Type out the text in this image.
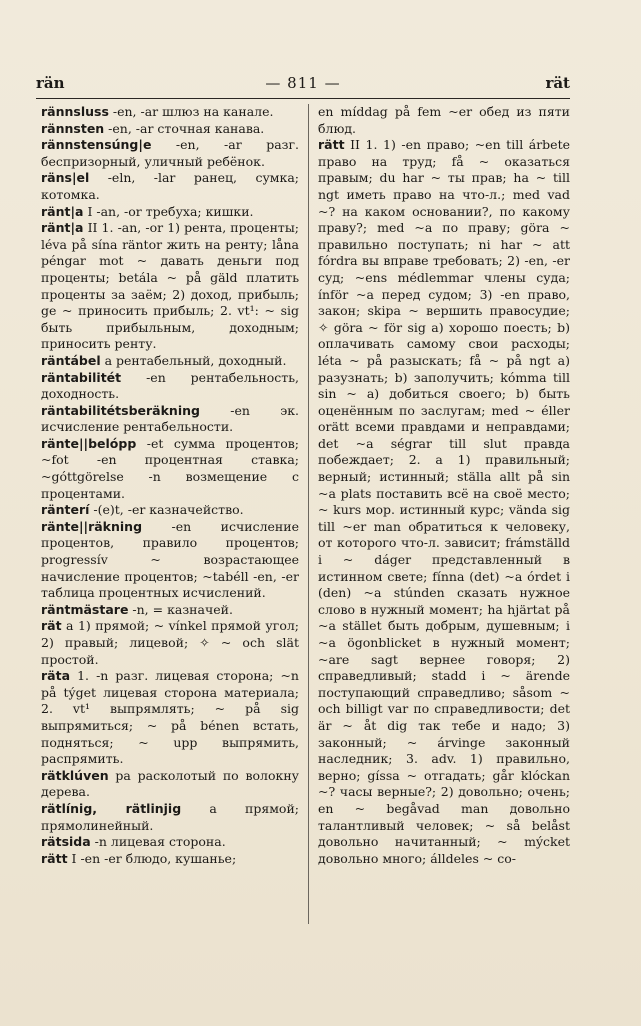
rän	— 811 —	rät

rännsluss -en, -ar шлюз на канале.

rännsten -en, -ar сточная канава.

rännstensúng|e -en, -ar разг. беспризорный, уличный ребёнок.

räns|el -eln, -lar ранец, сумка; котомка.

ränt|a I -an, -or требуха; кишки.

ränt|a II 1. -an, -or 1) рента, проценты; léva på sína räntor жить на ренту; låna péngar mot ~ давать деньги под проценты; betála ~ på gäld платить проценты за заём; 2) доход, прибыль; ge ~ приносить прибыль; 2. vt¹: ~ sig быть прибыльным, доходным; приносить ренту.

räntábel a рентабельный, доходный.

räntabilitét -en рентабельность, доходность.

räntabilitétsberäkning -en эк. исчисление рентабельности.

ränte||belópp -et сумма процентов; ~fot -en процентная ставка; ~góttgörelse -n возмещение с процентами.

ränterí -(e)t, -er казначейство.

ränte||räkning -en исчисление процентов, правило процентов; progressív ~ возрастающее начисление процентов; ~tabéll -en, -er таблица процентных исчислений.

räntmästare -n, = казначей.

rät a 1) прямой; ~ vínkel прямой угол; 2) правый; лицевой; ✧ ~ och slät простой.

räta 1. -n разг. лицевая сторона; ~n på týget лицевая сторона материала; 2. vt¹ выпрямлять; ~ på sig выпрямиться; ~ på bénen встать, подняться; ~ upp выпрямить, распрямить.

rätklúven pa расколотый по волокну дерева.

rätlínig, rätlinjig a прямой; прямолинейный.

rätsida -n лицевая сторона.

rätt I -en -er блюдо, кушанье;

en míddag på fem ~er обед из пяти блюд.

rätt II 1. 1) -en право; ~en till árbete право на труд; få ~ оказаться правым; du har ~ ты прав; ha ~ till ngt иметь право на что-л.; med vad ~? на каком основании?, по какому праву?; med ~a по праву; göra ~ правильно поступать; ni har ~ att fórdra вы вправе требовать; 2) -en, -er суд; ~ens médlemmar члены суда; ínför ~a перед судом; 3) -en право, закон; skipa ~ вершить правосудие; ✧ göra ~ för sig a) хорошо поесть; b) оплачивать самому свои расходы; léta ~ på разыскать; få ~ på ngt a) разузнать; b) заполучить; kómma till sin ~ a) добиться своего; b) быть оценённым по заслугам; med ~ éller orätt всеми правдами и неправдами; det ~a ségrar till slut правда побеждает; 2. a 1) правильный; верный; истинный; ställa allt på sin ~a plats поставить всё на своё место; ~ kurs мор. истинный курс; vända sig till ~er man обратиться к человеку, от которого что-л. зависит; frámställd i ~ dáger представленный в истинном свете; fínna (det) ~a órdet i (den) ~a stúnden сказать нужное слово в нужный момент; ha hjärtat på ~a stället быть добрым, душевным; i ~a ögonblicket в нужный момент; ~are sagt вернее говоря; 2) справедливый; stadd i ~ ärende поступающий справедливо; såsom ~ och billigt var по справедливости; det är ~ åt dig так тебе и надо; 3) законный; ~ árvinge законный наследник; 3. adv. 1) правильно, верно; gíssa ~ отгадать; går klóckan ~? часы верные?; 2) довольно; очень; en ~ begåvad man довольно талантливый человек; ~ så belåst довольно начитанный; ~ mýcket довольно много; álldeles ~ со-
